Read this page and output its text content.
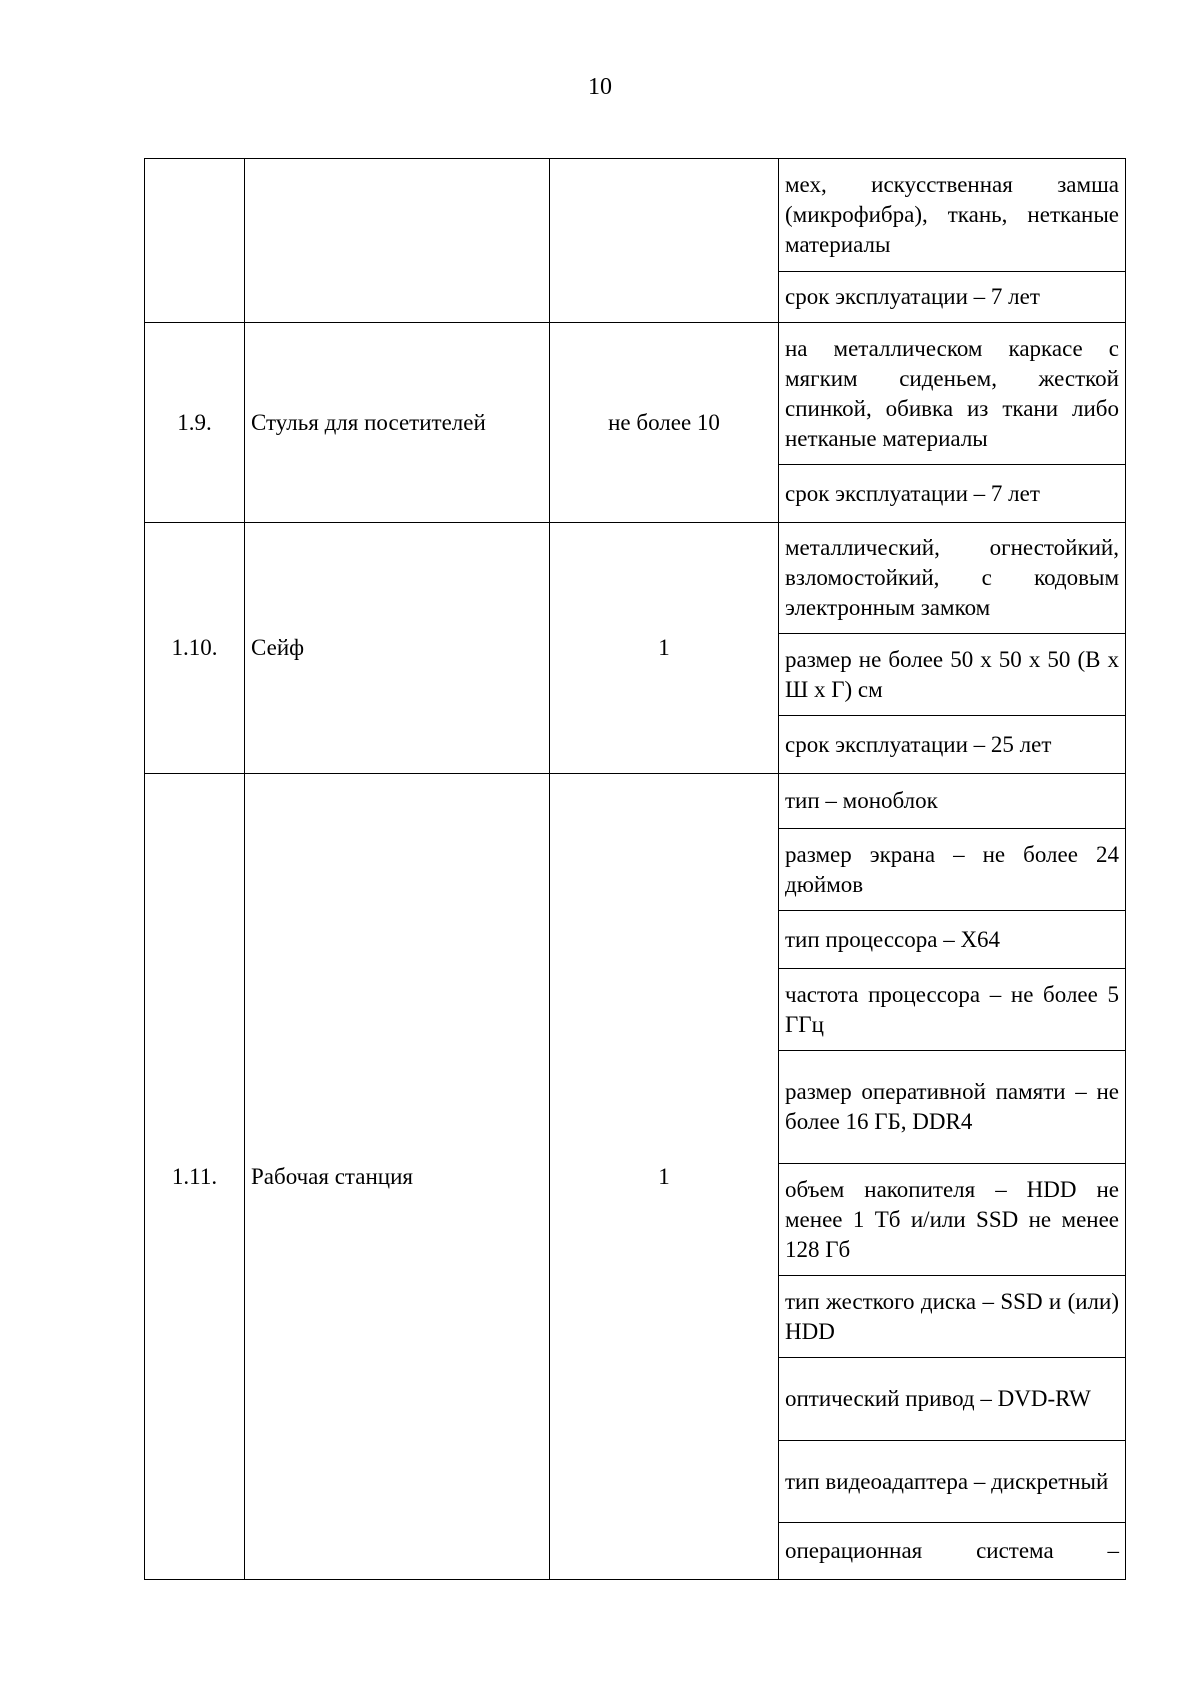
10
			мех, искусственная замша (микрофибра), ткань, нетканые материалы
			срок эксплуатации – 7 лет
1.9.	Стулья для посетителей	не более 10	на металлическом каркасе с мягким сиденьем, жесткой спинкой, обивка из ткани либо нетканые материалы
			срок эксплуатации – 7 лет
1.10.	Сейф	1	металлический, огнестойкий, взломостойкий, с кодовым электронным замком
			размер не более 50 х 50 х 50 (В х Ш х Г) см
			срок эксплуатации – 25 лет
1.11.	Рабочая станция	1	тип – моноблок
			размер экрана – не более 24 дюймов
			тип процессора – Х64
			частота процессора – не более 5 ГГц
			размер оперативной памяти – не более 16 ГБ, DDR4
			объем накопителя – HDD не менее 1 Тб и/или SSD не менее 128 Гб
			тип жесткого диска – SSD и (или) HDD
			оптический привод – DVD-RW
			тип видеоадаптера – дискретный
			операционная система –
